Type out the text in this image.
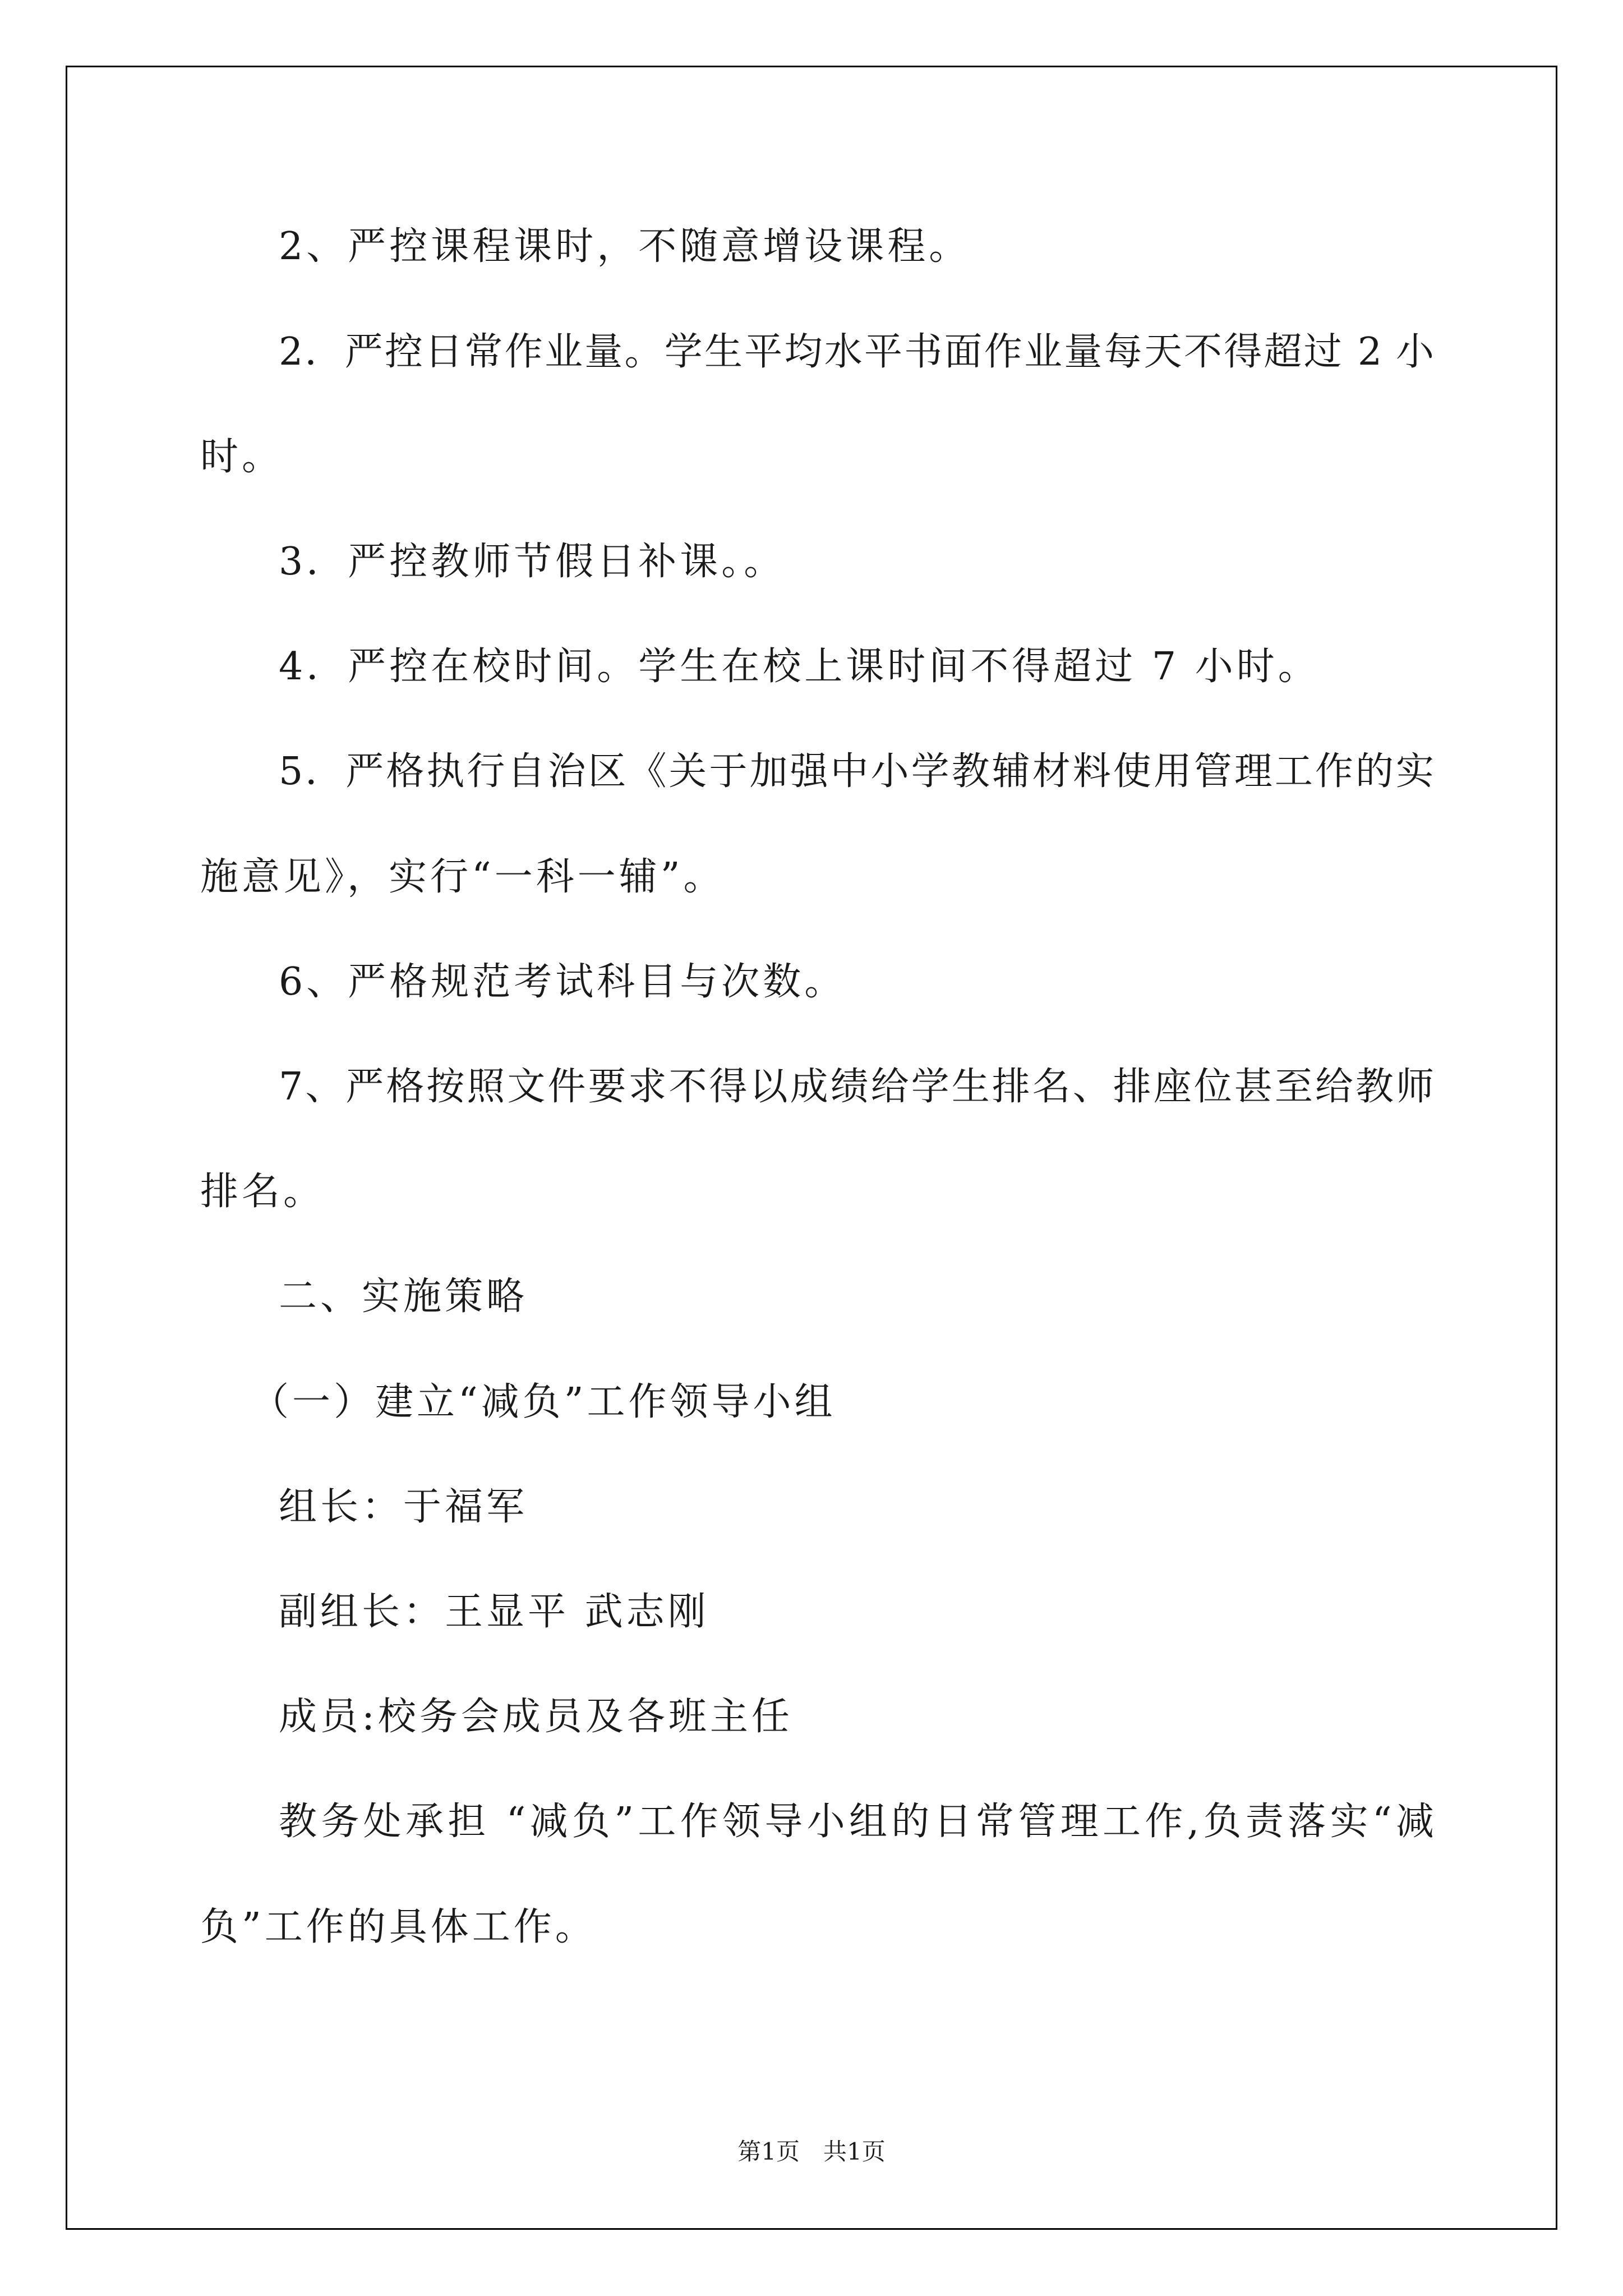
2、严控课程课时，不随意增设课程。
2．严控日常作业量。学生平均水平书面作业量每天不得超过 2 小
时。
3．严控教师节假日补课。。
4．严控在校时间。学生在校上课时间不得超过 7 小时。
5．严格执行自治区《关于加强中小学教辅材料使用管理工作的实
施意见》，实行“一科一辅”。
6、严格规范考试科目与次数。
7、严格按照文件要求不得以成绩给学生排名、排座位甚至给教师
排名。
二、实施策略
（一）建立“减负”工作领导小组
组长：于福军
副组长：王显平 武志刚
成员:校务会成员及各班主任
教务处承担 “减负”工作领导小组的日常管理工作,负责落实“减
负”工作的具体工作。
第1页　共1页
